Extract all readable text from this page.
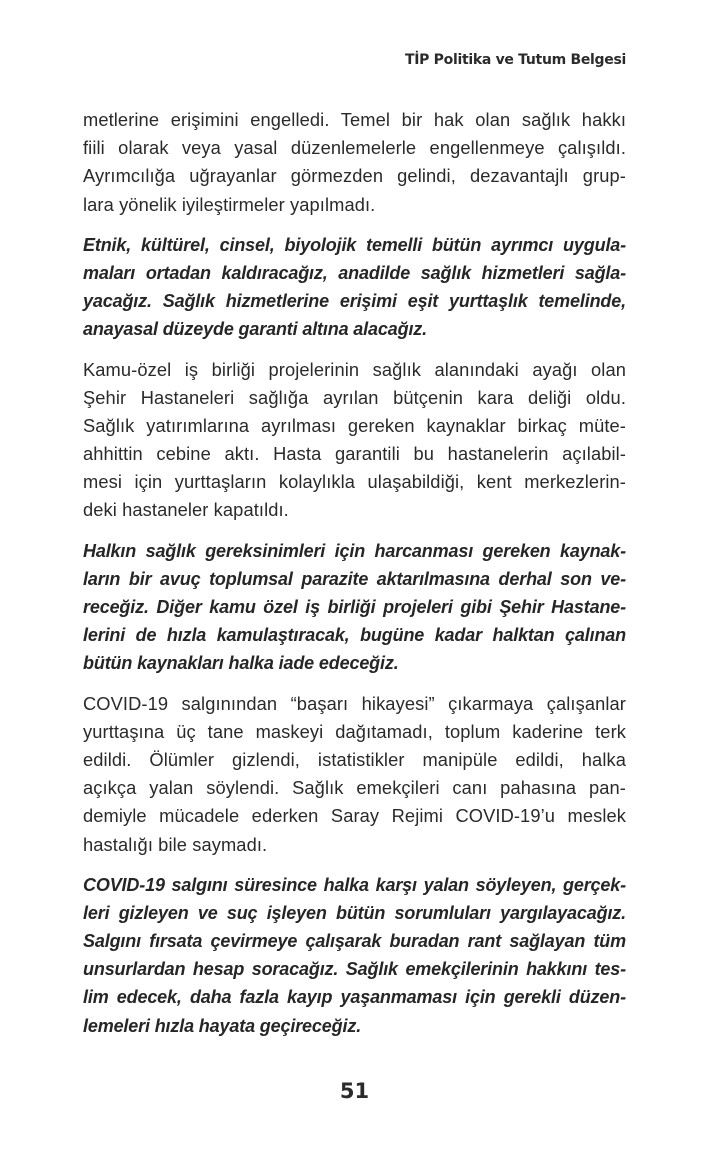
TİP Politika ve Tutum Belgesi

metlerine erişimini engelledi. Temel bir hak olan sağlık hakkı
fiili olarak veya yasal düzenlemelerle engellenmeye çalışıldı.
Ayrımcılığa uğrayanlar görmezden gelindi, dezavantajlı grup-
lara yönelik iyileştirmeler yapılmadı.

Etnik, kültürel, cinsel, biyolojik temelli bütün ayrımcı uygula-
maları ortadan kaldıracağız, anadilde sağlık hizmetleri sağla-
yacağız. Sağlık hizmetlerine erişimi eşit yurttaşlık temelinde,
anayasal düzeyde garanti altına alacağız.

Kamu-özel iş birliği projelerinin sağlık alanındaki ayağı olan
Şehir Hastaneleri sağlığa ayrılan bütçenin kara deliği oldu.
Sağlık yatırımlarına ayrılması gereken kaynaklar birkaç müte-
ahhittin cebine aktı. Hasta garantili bu hastanelerin açılabil-
mesi için yurttaşların kolaylıkla ulaşabildiği, kent merkezlerin-
deki hastaneler kapatıldı.

Halkın sağlık gereksinimleri için harcanması gereken kaynak-
ların bir avuç toplumsal parazite aktarılmasına derhal son ve-
receğiz. Diğer kamu özel iş birliği projeleri gibi Şehir Hastane-
lerini de hızla kamulaştıracak, bugüne kadar halktan çalınan
bütün kaynakları halka iade edeceğiz.

COVID-19 salgınından “başarı hikayesi” çıkarmaya çalışanlar
yurttaşına üç tane maskeyi dağıtamadı, toplum kaderine terk
edildi. Ölümler gizlendi, istatistikler manipüle edildi, halka
açıkça yalan söylendi. Sağlık emekçileri canı pahasına pan-
demiyle mücadele ederken Saray Rejimi COVID-19’u meslek
hastalığı bile saymadı.

COVID-19 salgını süresince halka karşı yalan söyleyen, gerçek-
leri gizleyen ve suç işleyen bütün sorumluları yargılayacağız.
Salgını fırsata çevirmeye çalışarak buradan rant sağlayan tüm
unsurlardan hesap soracağız. Sağlık emekçilerinin hakkını tes-
lim edecek, daha fazla kayıp yaşanmaması için gerekli düzen-
lemeleri hızla hayata geçireceğiz.

51
